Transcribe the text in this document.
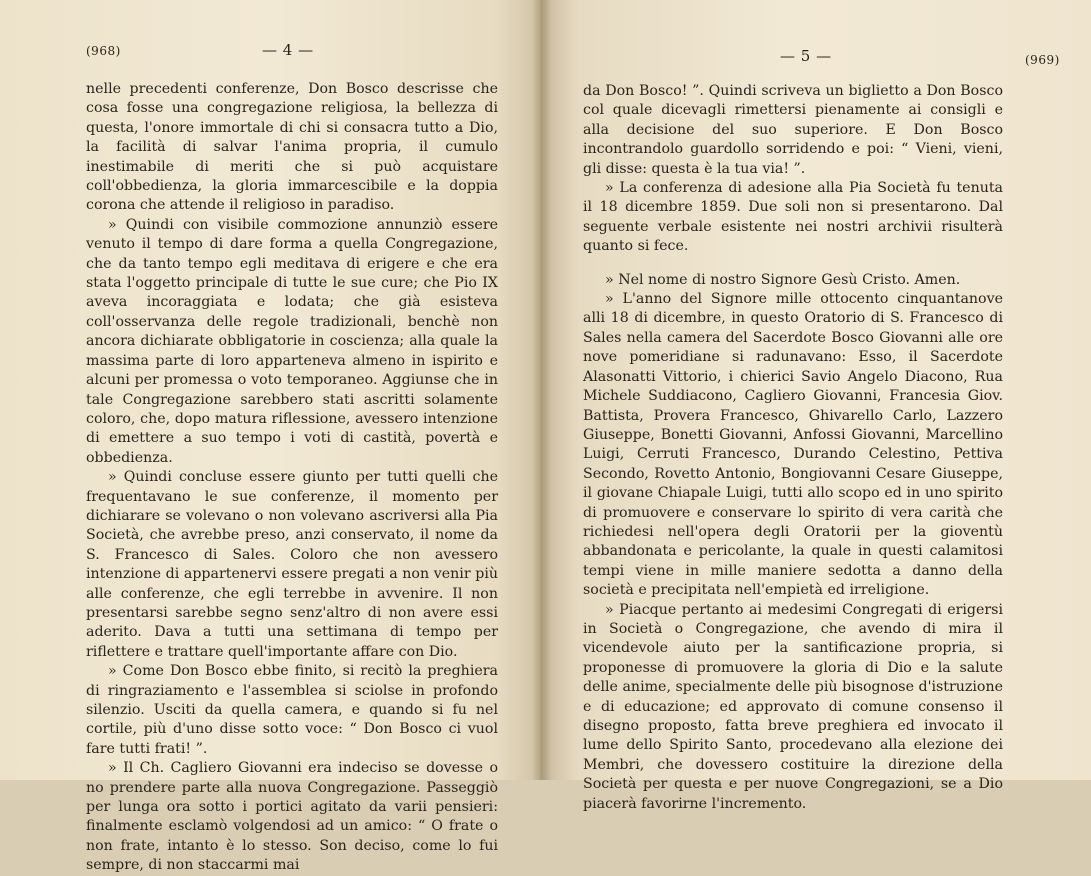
(968)	— 4 —

nelle precedenti conferenze, Don Bosco descrisse che cosa fosse una congregazione religiosa, la bellezza di questa, l'onore immortale di chi si consacra tutto a Dio, la facilità di salvar l'anima propria, il cumulo inestimabile di meriti che si può acquistare coll'obbedienza, la gloria immarcescibile e la doppia corona che attende il religioso in paradiso.

» Quindi con visibile commozione annunziò essere venuto il tempo di dare forma a quella Congregazione, che da tanto tempo egli meditava di erigere e che era stata l'oggetto principale di tutte le sue cure; che Pio IX aveva incoraggiata e lodata; che già esisteva coll'osservanza delle regole tradizionali, benchè non ancora dichiarate obbligatorie in coscienza; alla quale la massima parte di loro apparteneva almeno in ispirito e alcuni per promessa o voto temporaneo. Aggiunse che in tale Congregazione sarebbero stati ascritti solamente coloro, che, dopo matura riflessione, avessero intenzione di emettere a suo tempo i voti di castità, povertà e obbedienza.

» Quindi concluse essere giunto per tutti quelli che frequentavano le sue conferenze, il momento per dichiarare se volevano o non volevano ascriversi alla Pia Società, che avrebbe preso, anzi conservato, il nome da S. Francesco di Sales. Coloro che non avessero intenzione di appartenervi essere pregati a non venir più alle conferenze, che egli terrebbe in avvenire. Il non presentarsi sarebbe segno senz'altro di non avere essi aderito. Dava a tutti una settimana di tempo per riflettere e trattare quell'importante affare con Dio.

» Come Don Bosco ebbe finito, si recitò la preghiera di ringraziamento e l'assemblea si sciolse in profondo silenzio. Usciti da quella camera, e quando si fu nel cortile, più d'uno disse sotto voce: “ Don Bosco ci vuol fare tutti frati! ”.

» Il Ch. Cagliero Giovanni era indeciso se dovesse o no prendere parte alla nuova Congregazione. Passeggiò per lunga ora sotto i portici agitato da varii pensieri: finalmente esclamò volgendosi ad un amico: “ O frate o non frate, intanto è lo stesso. Son deciso, come lo fui sempre, di non staccarmi mai

— 5 —	(969)

da Don Bosco! ”. Quindi scriveva un biglietto a Don Bosco col quale dicevagli rimettersi pienamente ai consigli e alla decisione del suo superiore. E Don Bosco incontrandolo guardollo sorridendo e poi: “ Vieni, vieni, gli disse: questa è la tua via! ”.

» La conferenza di adesione alla Pia Società fu tenuta il 18 dicembre 1859. Due soli non si presentarono. Dal seguente verbale esistente nei nostri archivii risulterà quanto si fece.

» Nel nome di nostro Signore Gesù Cristo. Amen.

» L'anno del Signore mille ottocento cinquantanove alli 18 di dicembre, in questo Oratorio di S. Francesco di Sales nella camera del Sacerdote Bosco Giovanni alle ore nove pomeridiane si radunavano: Esso, il Sacerdote Alasonatti Vittorio, i chierici Savio Angelo Diacono, Rua Michele Suddiacono, Cagliero Giovanni, Francesia Giov. Battista, Provera Francesco, Ghivarello Carlo, Lazzero Giuseppe, Bonetti Giovanni, Anfossi Giovanni, Marcellino Luigi, Cerruti Francesco, Durando Celestino, Pettiva Secondo, Rovetto Antonio, Bongiovanni Cesare Giuseppe, il giovane Chiapale Luigi, tutti allo scopo ed in uno spirito di promuovere e conservare lo spirito di vera carità che richiedesi nell'opera degli Oratorii per la gioventù abbandonata e pericolante, la quale in questi calamitosi tempi viene in mille maniere sedotta a danno della società e precipitata nell'empietà ed irreligione.

» Piacque pertanto ai medesimi Congregati di erigersi in Società o Congregazione, che avendo di mira il vicendevole aiuto per la santificazione propria, si proponesse di promuovere la gloria di Dio e la salute delle anime, specialmente delle più bisognose d'istruzione e di educazione; ed approvato di comune consenso il disegno proposto, fatta breve preghiera ed invocato il lume dello Spirito Santo, procedevano alla elezione dei Membri, che dovessero costituire la direzione della Società per questa e per nuove Congregazioni, se a Dio piacerà favorirne l'incremento.
